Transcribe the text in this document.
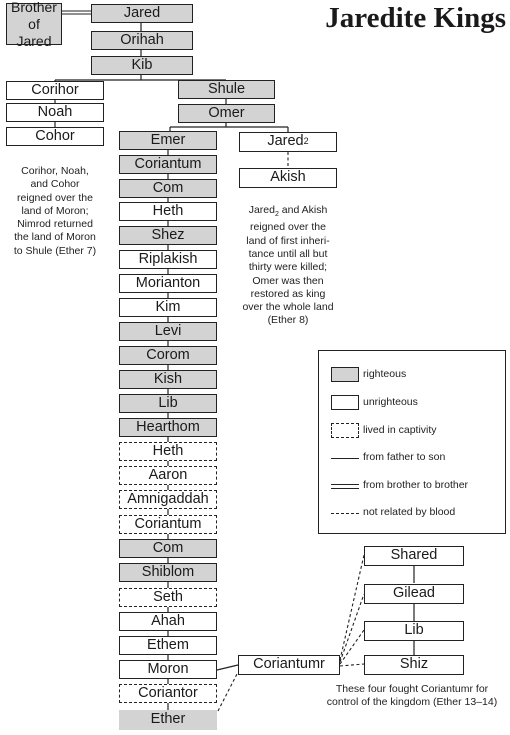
Jaredite Kings
Brother of Jared
Jared
Orihah
Kib
Corihor
Noah
Cohor
Corihor, Noah,
and Cohor
reigned over the
land of Moron;
Nimrod returned
the land of Moron
to Shule (Ether 7)
Shule
Omer
Jared 2
Akish
Jared$_2$ and Akish
reigned over the
land of first inheri-
tance until all but
thirty were killed;
Omer was then
restored as king
over the whole land
(Ether 8)
Emer
Coriantum
Com
Heth
Shez
Riplakish
Morianton
Kim
Levi
Corom
Kish
Lib
Hearthom
Heth
Aaron
Amnigaddah
Coriantum
Com
Shiblom
Seth
Ahah
Ethem
Moron
Coriantor
Ether
Coriantumr
Shared
Gilead
Lib
Shiz
These four fought Coriantumr for
control of the kingdom (Ether 13–14)
righteous
unrighteous
lived in captivity
from father to son
from brother to brother
not related by blood
